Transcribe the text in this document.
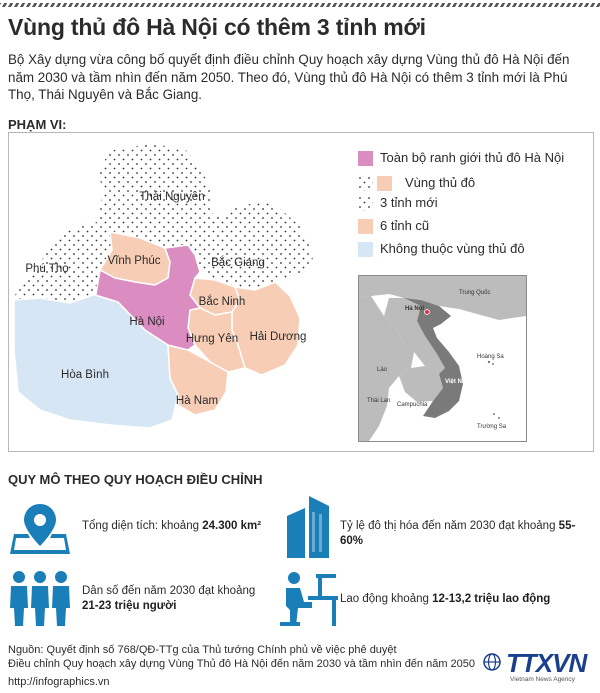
Vùng thủ đô Hà Nội có thêm 3 tỉnh mới
Bộ Xây dựng vừa công bố quyết định điều chỉnh Quy hoạch xây dựng Vùng thủ đô Hà Nội đến năm 2030 và tầm nhìn đến năm 2050. Theo đó, Vùng thủ đô Hà Nội có thêm 3 tỉnh mới là Phú Thọ, Thái Nguyên và Bắc Giang.
PHẠM VI:
Thái Nguyên
Phú Thọ
Vĩnh Phúc	Bắc Giang
Bắc Ninh
Hà Nội
Hưng Yên Hải Dương
Hòa Bình
Hà Nam
Toàn bộ ranh giới thủ đô Hà Nội
Vùng thủ đô
3 tỉnh mới
6 tỉnh cũ
Không thuộc vùng thủ đô
Hà Nội
Trung Quốc
Lào
Thái Lan
Việt Nam
Campuchia
Hoàng Sa
Trường Sa
QUY MÔ THEO QUY HOẠCH ĐIỀU CHỈNH
Tổng diện tích: khoảng 24.300 km²	Tỷ lệ đô thị hóa đến năm 2030 đạt khoảng 55-60%
Dân số đến năm 2030 đạt khoảng
21-23 triệu người
Lao động khoảng 12-13,2 triệu lao động
Nguồn: Quyết định số 768/QĐ-TTg của Thủ tướng Chính phủ về việc phê duyệt
Điều chỉnh Quy hoạch xây dựng Vùng Thủ đô Hà Nội đến năm 2030 và tầm nhìn đến năm 2050
http://infographics.vn
TTXVN
Vietnam News Agency
